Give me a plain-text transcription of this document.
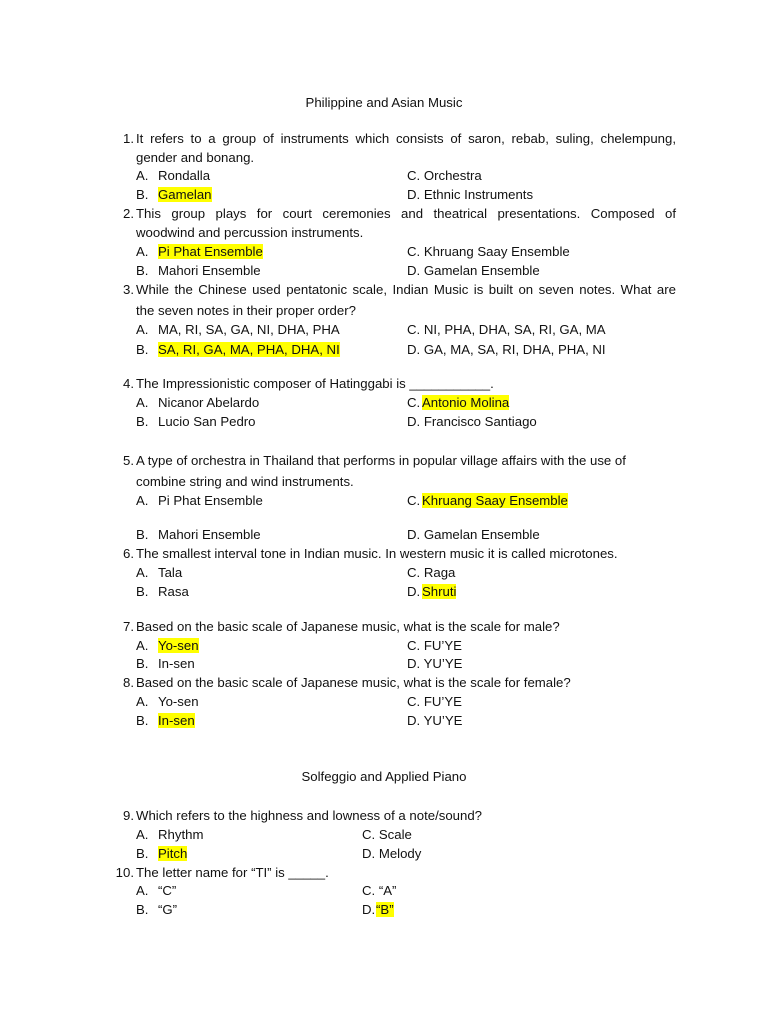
Philippine and Asian Music
1. It refers to a group of instruments which consists of saron, rebab, suling, chelempung,
gender and bonang.
A. Rondalla	C. Orchestra
B. Gamelan	D. Ethnic Instruments
2. This group plays for court ceremonies and theatrical presentations. Composed of
woodwind and percussion instruments.
A. Pi Phat Ensemble	C. Khruang Saay Ensemble
B. Mahori Ensemble	D. Gamelan Ensemble
3. While the Chinese used pentatonic scale, Indian Music is built on seven notes. What are
the seven notes in their proper order?
A. MA, RI, SA, GA, NI, DHA, PHA	C. NI, PHA, DHA, SA, RI, GA, MA
B. SA, RI, GA, MA, PHA, DHA, NI	D. GA, MA, SA, RI, DHA, PHA, NI
4. The Impressionistic composer of Hatinggabi is ___________.
A. Nicanor Abelardo	C. Antonio Molina
B. Lucio San Pedro	D. Francisco Santiago
5. A type of orchestra in Thailand that performs in popular village affairs with the use of
combine string and wind instruments.
A. Pi Phat Ensemble	C. Khruang Saay Ensemble
B. Mahori Ensemble	D. Gamelan Ensemble
6. The smallest interval tone in Indian music. In western music it is called microtones.
A. Tala	C. Raga
B. Rasa	D. Shruti
7. Based on the basic scale of Japanese music, what is the scale for male?
A. Yo-sen	C. FU’YE
B. In-sen	D. YU’YE
8. Based on the basic scale of Japanese music, what is the scale for female?
A. Yo-sen	C. FU’YE
B. In-sen	D. YU’YE
Solfeggio and Applied Piano
9. Which refers to the highness and lowness of a note/sound?
A. Rhythm	C. Scale
B. Pitch	D. Melody
10. The letter name for “TI” is _____.
A. “C”	C. “A”
B. “G”	D. “B”
